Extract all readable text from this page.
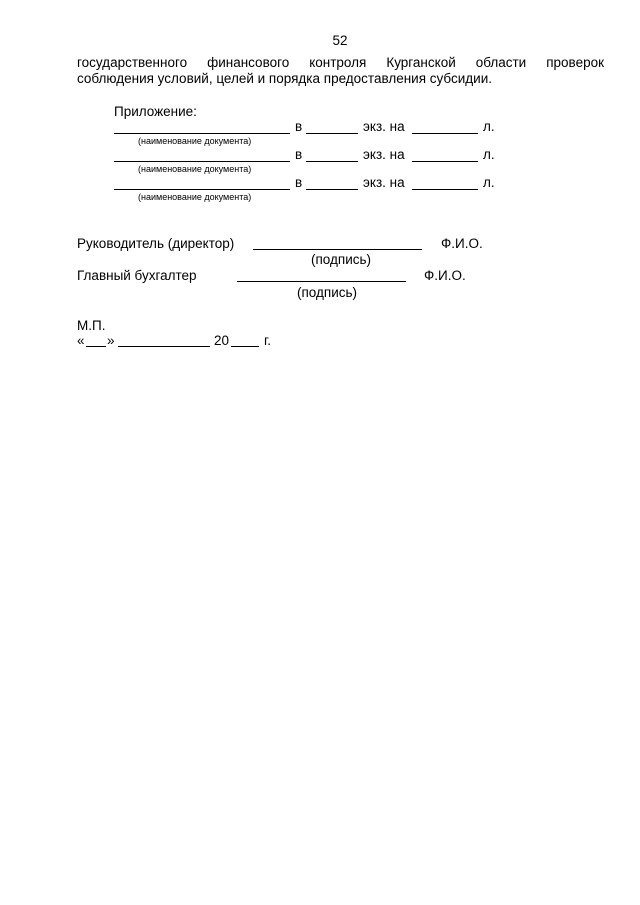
52
государственного финансового контроля Курганской области проверок
соблюдения условий, целей и порядка предоставления субсидии.
Приложение:
в	экз. на	л.
(наименование документа)
в	экз. на	л.
(наименование документа)
в	экз. на	л.
(наименование документа)
Руководитель (директор)	Ф.И.О.
(подпись)
Главный бухгалтер	Ф.И.О.
(подпись)
М.П.
« »	20	г.
